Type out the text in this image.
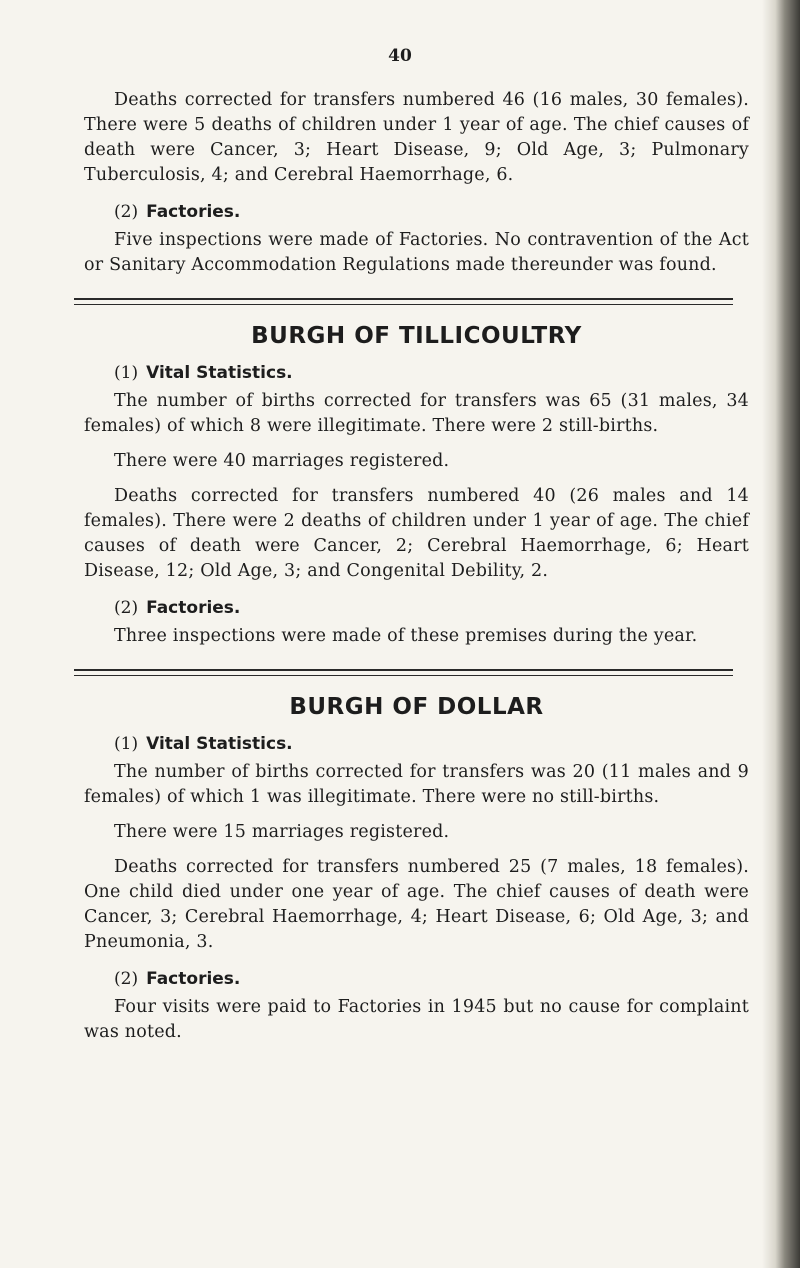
40

Deaths corrected for transfers numbered 46 (16 males, 30 females). There were 5 deaths of children under 1 year of age. The chief causes of death were Cancer, 3; Heart Disease, 9; Old Age, 3; Pulmonary Tuberculosis, 4; and Cerebral Haemorrhage, 6.

(2) Factories.

Five inspections were made of Factories. No contravention of the Act or Sanitary Accommodation Regulations made thereunder was found.

BURGH OF TILLICOULTRY
(1) Vital Statistics.

The number of births corrected for transfers was 65 (31 males, 34 females) of which 8 were illegitimate. There were 2 still-births.

There were 40 marriages registered.

Deaths corrected for transfers numbered 40 (26 males and 14 females). There were 2 deaths of children under 1 year of age. The chief causes of death were Cancer, 2; Cerebral Haemorrhage, 6; Heart Disease, 12; Old Age, 3; and Congenital Debility, 2.

(2) Factories.

Three inspections were made of these premises during the year.

BURGH OF DOLLAR
(1) Vital Statistics.

The number of births corrected for transfers was 20 (11 males and 9 females) of which 1 was illegitimate. There were no still-births.

There were 15 marriages registered.

Deaths corrected for transfers numbered 25 (7 males, 18 females). One child died under one year of age. The chief causes of death were Cancer, 3; Cerebral Haemorrhage, 4; Heart Disease, 6; Old Age, 3; and Pneumonia, 3.

(2) Factories.

Four visits were paid to Factories in 1945 but no cause for complaint was noted.
